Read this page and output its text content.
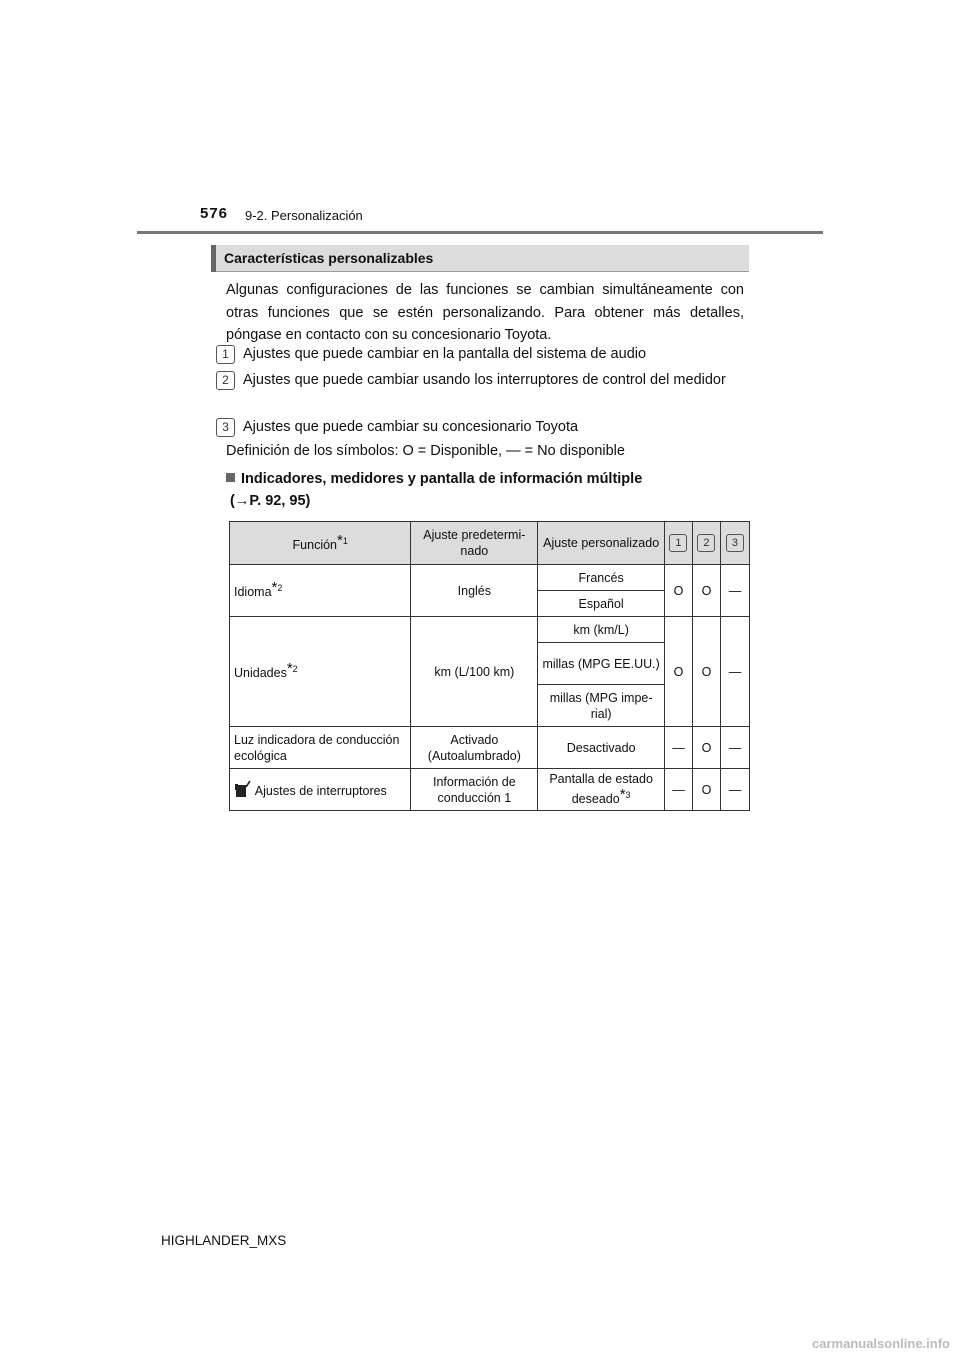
576 9-2. Personalización
Características personalizables
Algunas configuraciones de las funciones se cambian simultáneamente con otras funciones que se estén personalizando. Para obtener más detalles, póngase en contacto con su concesionario Toyota.
1 Ajustes que puede cambiar en la pantalla del sistema de audio
2 Ajustes que puede cambiar usando los interruptores de control del medidor
3 Ajustes que puede cambiar su concesionario Toyota
Definición de los símbolos: O = Disponible, — = No disponible
Indicadores, medidores y pantalla de información múltiple
(→P. 92, 95)
Función*$^1$	Ajuste predeterminado	Ajuste personalizado	1	2	3
Idioma*$^2$	Inglés	Francés	O	O	—
		Español			
Unidades*$^2$	km (L/100 km)	km (km/L)	O	O	—
		millas (MPG EE.UU.)			
		millas (MPG imperial)			
Luz indicadora de conducción ecológica	Activado (Autoalumbrado)	Desactivado	—	O	—
Ajustes de interruptores	Información de conducción 1	Pantalla de estado deseado*$^3$	—	O	—
HIGHLANDER_MXS
carmanualsonline.info
